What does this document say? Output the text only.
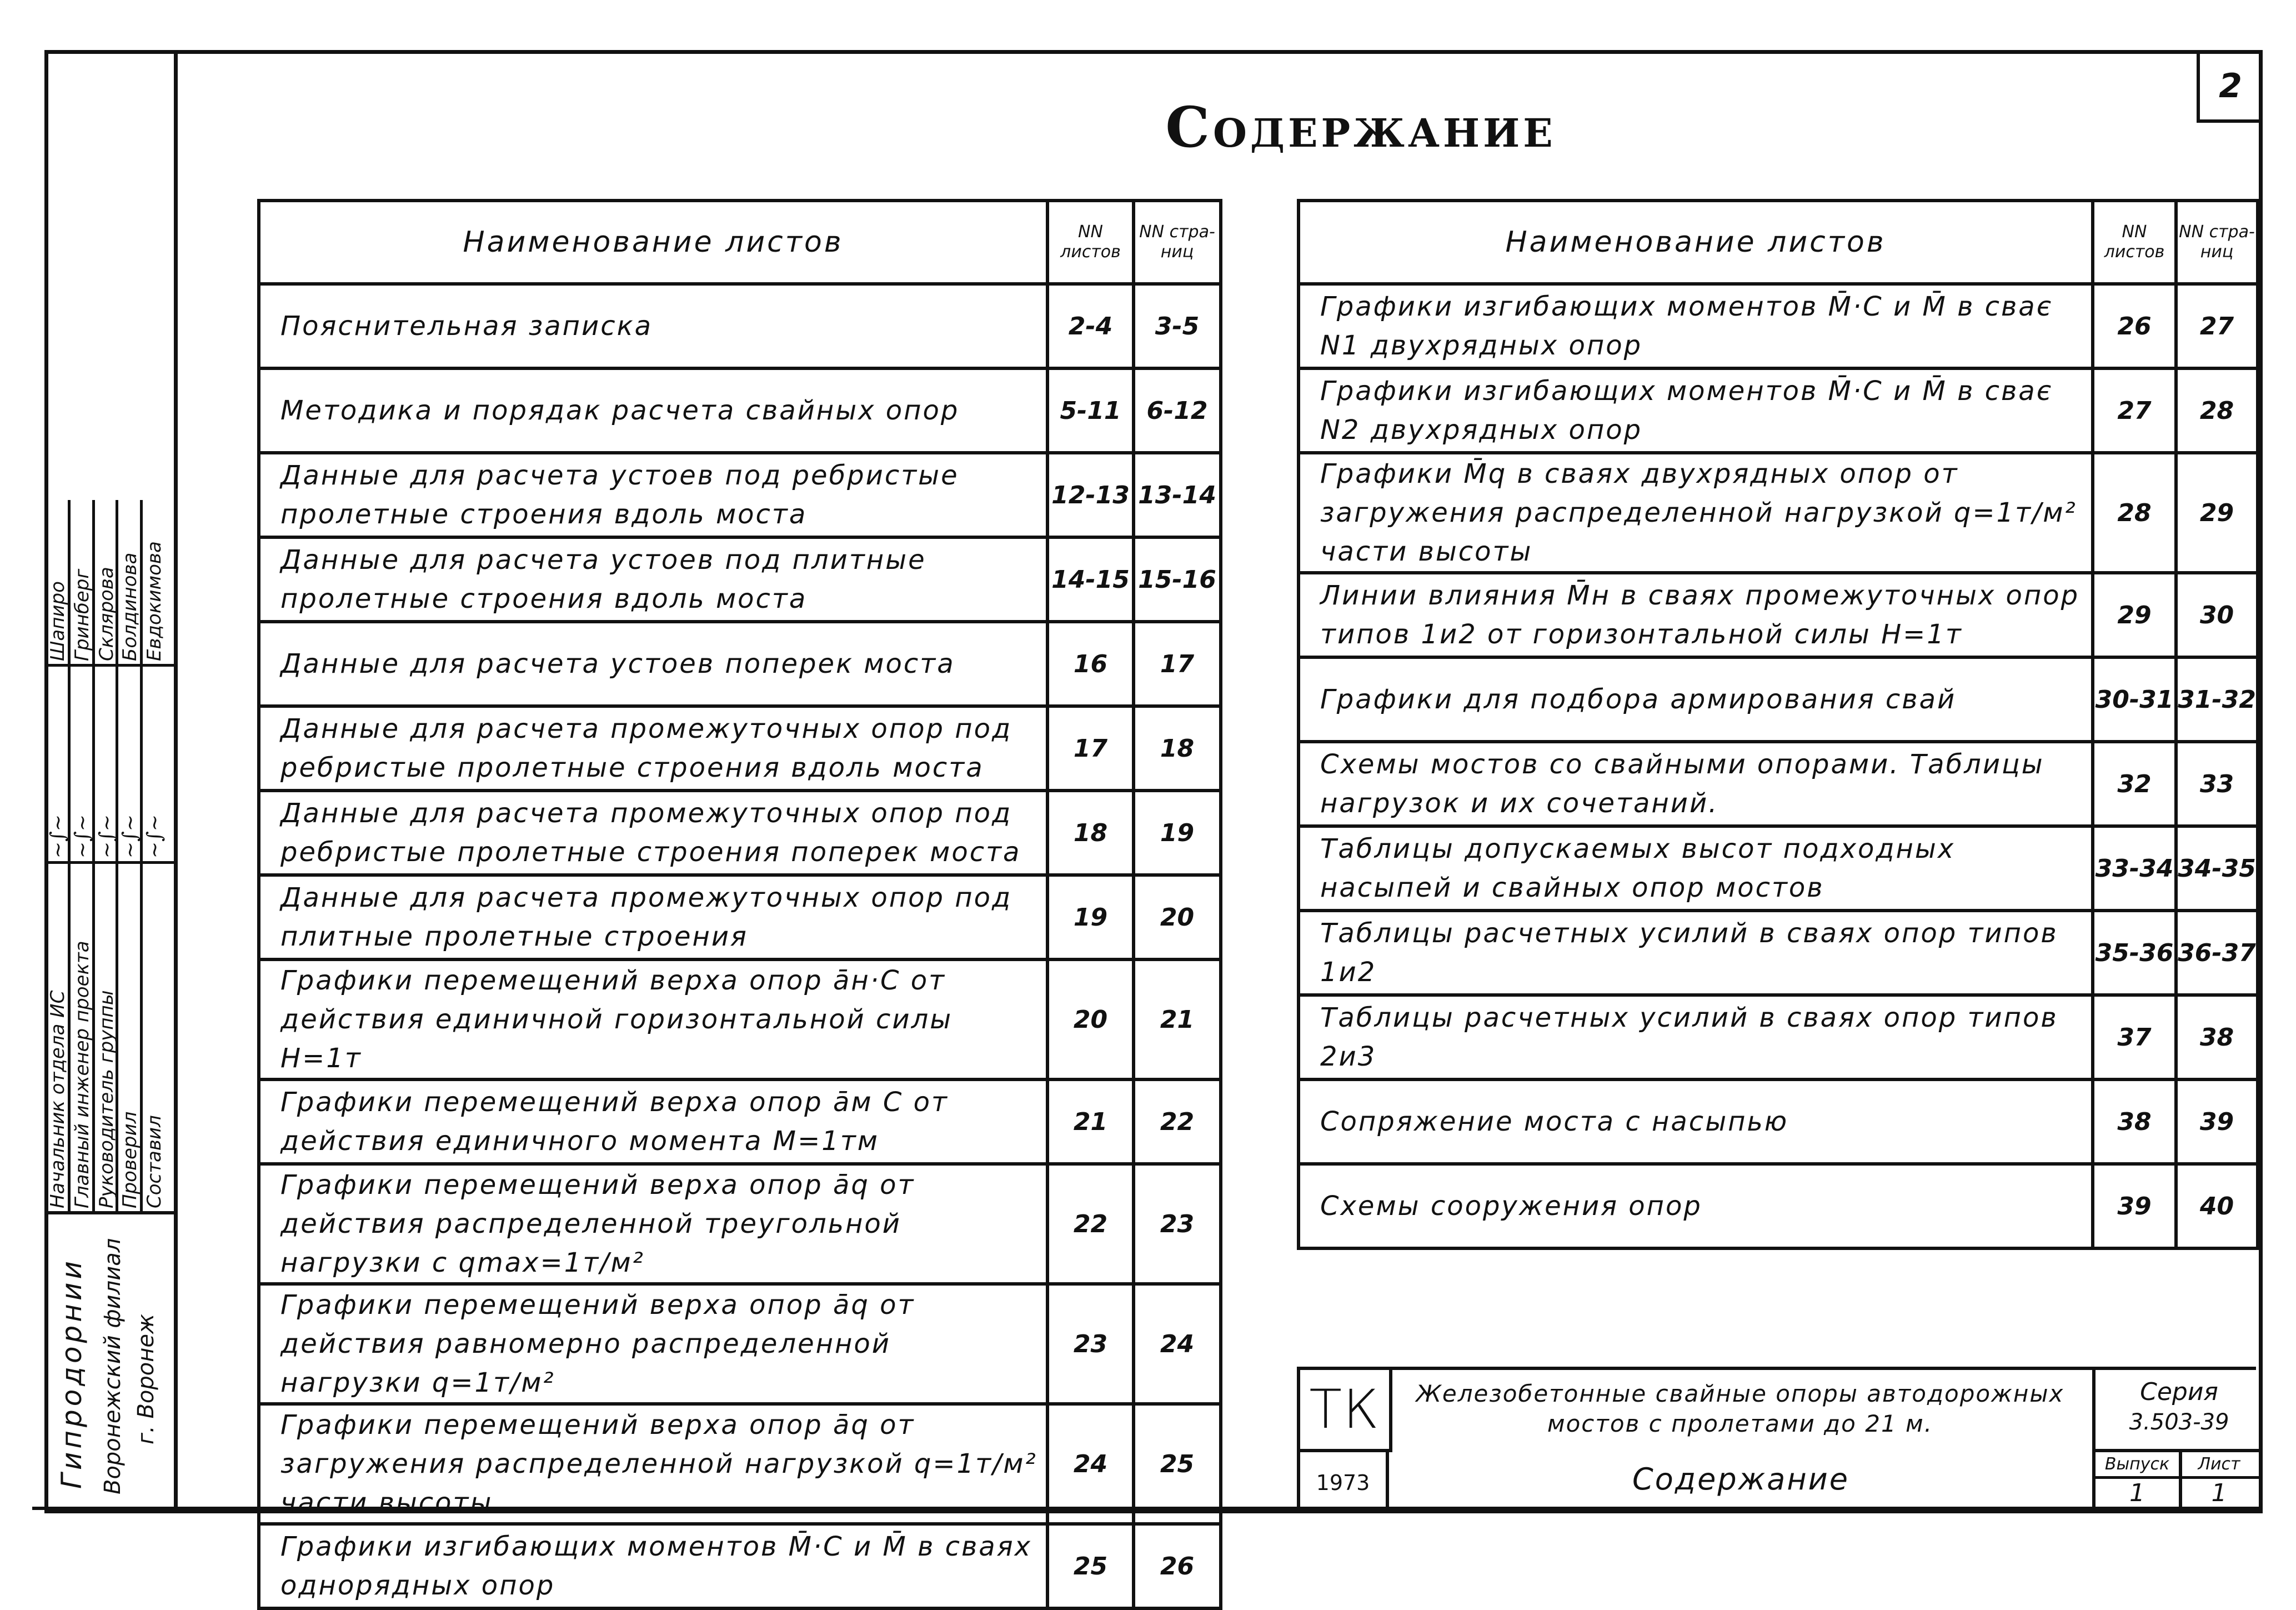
2
Содержание
Начальник отдела ИС Главный инженер проекта Руководитель группы Проверил Составил
~∫~ ~∫~ ~∫~ ~∫~ ~∫~
Шапиро Гринберг Склярова Болдинова Евдокимова
Гипродорнии Воронежский филиал г. Воронеж
Наименование листов	NN листов	NN стра- ниц
Пояснительная записка	2-4	3-5
Методика и порядак расчета свайных опор	5-11	6-12
Данные для расчета устоев под ребристые пролетные строения вдоль моста	12-13	13-14
Данные для расчета устоев под плитные пролетные строения вдоль моста	14-15	15-16
Данные для расчета устоев поперек моста	16	17
Данные для расчета промежуточных опор под ребристые пролетные строения вдоль моста	17	18
Данные для расчета промежуточных опор под ребристые пролетные строения поперек моста	18	19
Данные для расчета промежуточных опор под плитные пролетные строения	19	20
Графики перемещений верха опор āн·С от действия единичной горизонтальной силы Н=1т	20	21
Графики перемещений верха опор āм С от действия единичного момента М=1тм	21	22
Графики перемещений верха опор āq от действия распределенной треугольной нагрузки с qmax=1т/м²	22	23
Графики перемещений верха опор āq от действия равномерно распределенной нагрузки q=1т/м²	23	24
Графики перемещений верха опор āq от загружения распределенной нагрузкой q=1т/м² части высоты	24	25
Графики изгибающих моментов M̄·С и M̄ в сваях однорядных опор	25	26
Наименование листов	NN листов	NN стра- ниц
Графики изгибающих моментов M̄·С и M̄ в сває N1 двухрядных опор	26	27
Графики изгибающих моментов M̄·С и M̄ в сває N2 двухрядных опор	27	28
Графики M̄q в сваях двухрядных опор от загружения распределенной нагрузкой q=1т/м² части высоты	28	29
Линии влияния M̄н в сваях промежуточных опор типов 1и2 от горизонтальной силы Н=1т	29	30
Графики для подбора армирования свай	30-31	31-32
Схемы мостов со свайными опорами. Таблицы нагрузок и их сочетаний.	32	33
Таблицы допускаемых высот подходных насыпей и свайных опор мостов	33-34	34-35
Таблицы расчетных усилий в сваях опор типов 1и2	35-36	36-37
Таблицы расчетных усилий в сваях опор типов 2и3	37	38
Сопряжение моста с насыпью	38	39
Схемы сооружения опор	39	40
ТК	Железобетонные свайные опоры автодорожных мостов с пролетами до 21 м.
Серия
3.503-39
1973	Содержание	Выпуск
1
Лист
1
